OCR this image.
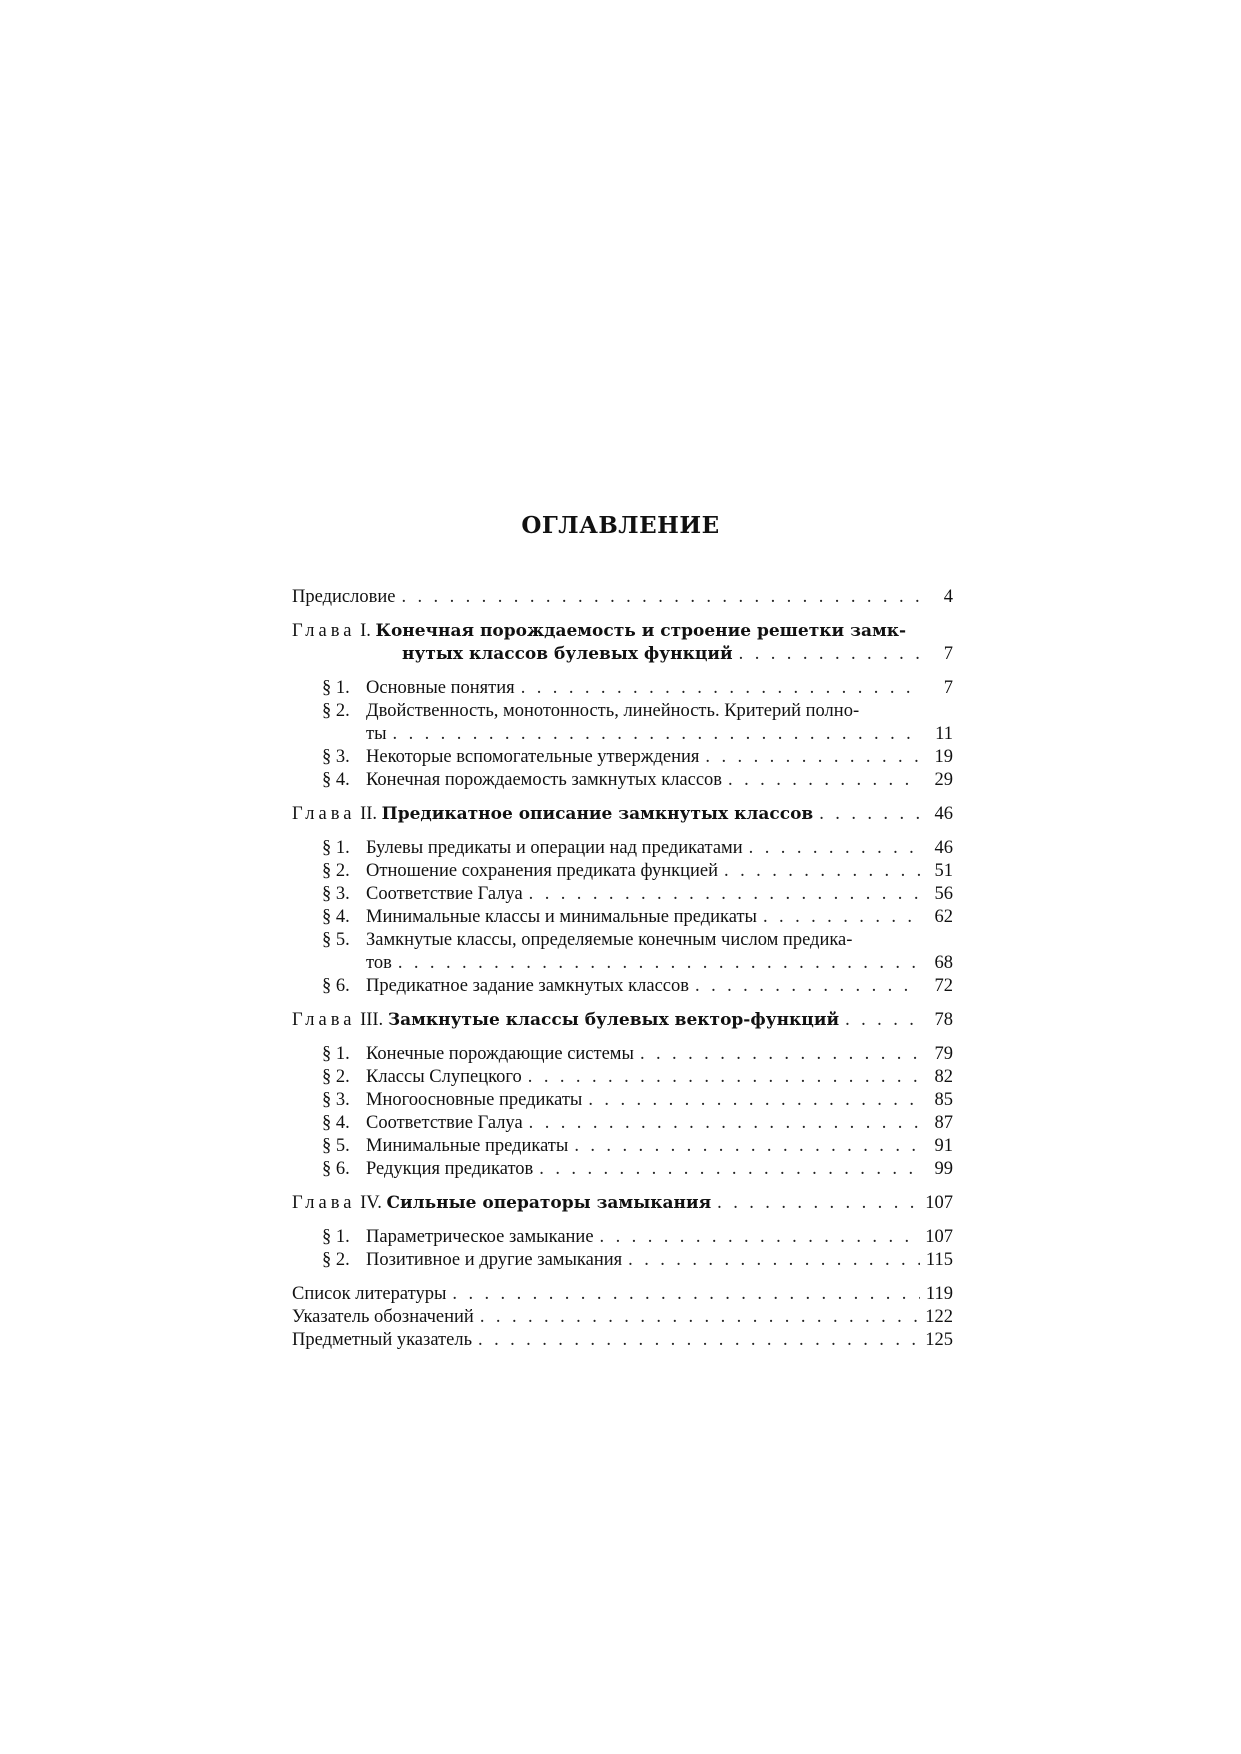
ОГЛАВЛЕНИЕ
Предисловие . . .	4
Глава I. Конечная порождаемость и строение решетки замк-
нутых классов булевых функций . . .	7
§ 1. Основные понятия . . .	7
§ 2. Двойственность, монотонность, линейность. Критерий полно-
ты . . .	11
§ 3. Некоторые вспомогательные утверждения . . .	19
§ 4. Конечная порождаемость замкнутых классов . . .	29
Глава II. Предикатное описание замкнутых классов . . .	46
§ 1. Булевы предикаты и операции над предикатами . . .	46
§ 2. Отношение сохранения предиката функцией . . .	51
§ 3. Соответствие Галуа . . .	56
§ 4. Минимальные классы и минимальные предикаты . . .	62
§ 5. Замкнутые классы, определяемые конечным числом предика-
тов . . .	68
§ 6. Предикатное задание замкнутых классов . . .	72
Глава III. Замкнутые классы булевых вектор-функций . . .	78
§ 1. Конечные порождающие системы . . .	79
§ 2. Классы Слупецкого . . .	82
§ 3. Многоосновные предикаты . . .	85
§ 4. Соответствие Галуа . . .	87
§ 5. Минимальные предикаты . . .	91
§ 6. Редукция предикатов . . .	99
Глава IV. Сильные операторы замыкания . . .	107
§ 1. Параметрическое замыкание . . .	107
§ 2. Позитивное и другие замыкания . . .	115
Список литературы . . .	119
Указатель обозначений . . .	122
Предметный указатель . . .	125
